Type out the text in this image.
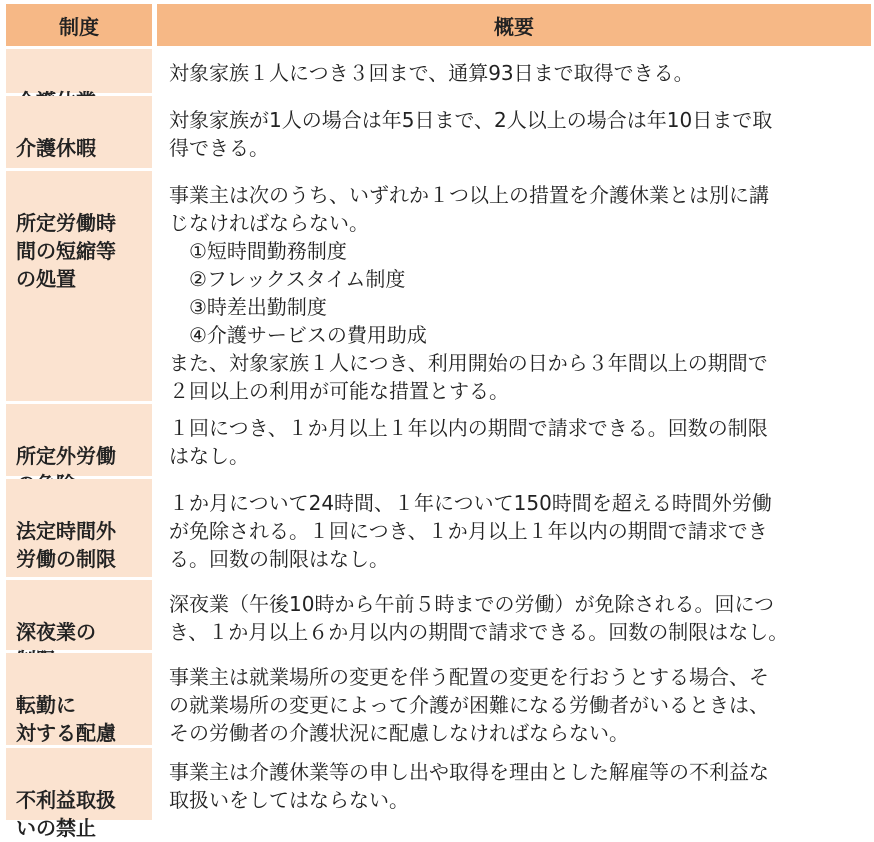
制度	概要

対象家族１人につき３回まで、通算93日まで取得できる。

介護休暇

対象家族が1人の場合は年5日まで、2人以上の場合は年10日まで取
得できる。

所定労働時
間の短縮等
の処置

事業主は次のうち、いずれか１つ以上の措置を介護休業とは別に講
じなければならない。
　①短時間勤務制度
　②フレックスタイム制度
　③時差出勤制度
　④介護サービスの費用助成
また、対象家族１人につき、利用開始の日から３年間以上の期間で
２回以上の利用が可能な措置とする。

所定外労働

１回につき、１か月以上１年以内の期間で請求できる。回数の制限
はなし。

法定時間外
労働の制限

１か月について24時間、１年について150時間を超える時間外労働
が免除される。１回につき、１か月以上１年以内の期間で請求でき
る。回数の制限はなし。

深夜業の

深夜業（午後10時から午前５時までの労働）が免除される。回につ
き、１か月以上６か月以内の期間で請求できる。回数の制限はなし。

転勤に
対する配慮

事業主は就業場所の変更を伴う配置の変更を行おうとする場合、そ
の就業場所の変更によって介護が困難になる労働者がいるときは、
その労働者の介護状況に配慮しなければならない。

不利益取扱
いの禁止

事業主は介護休業等の申し出や取得を理由とした解雇等の不利益な
取扱いをしてはならない。
